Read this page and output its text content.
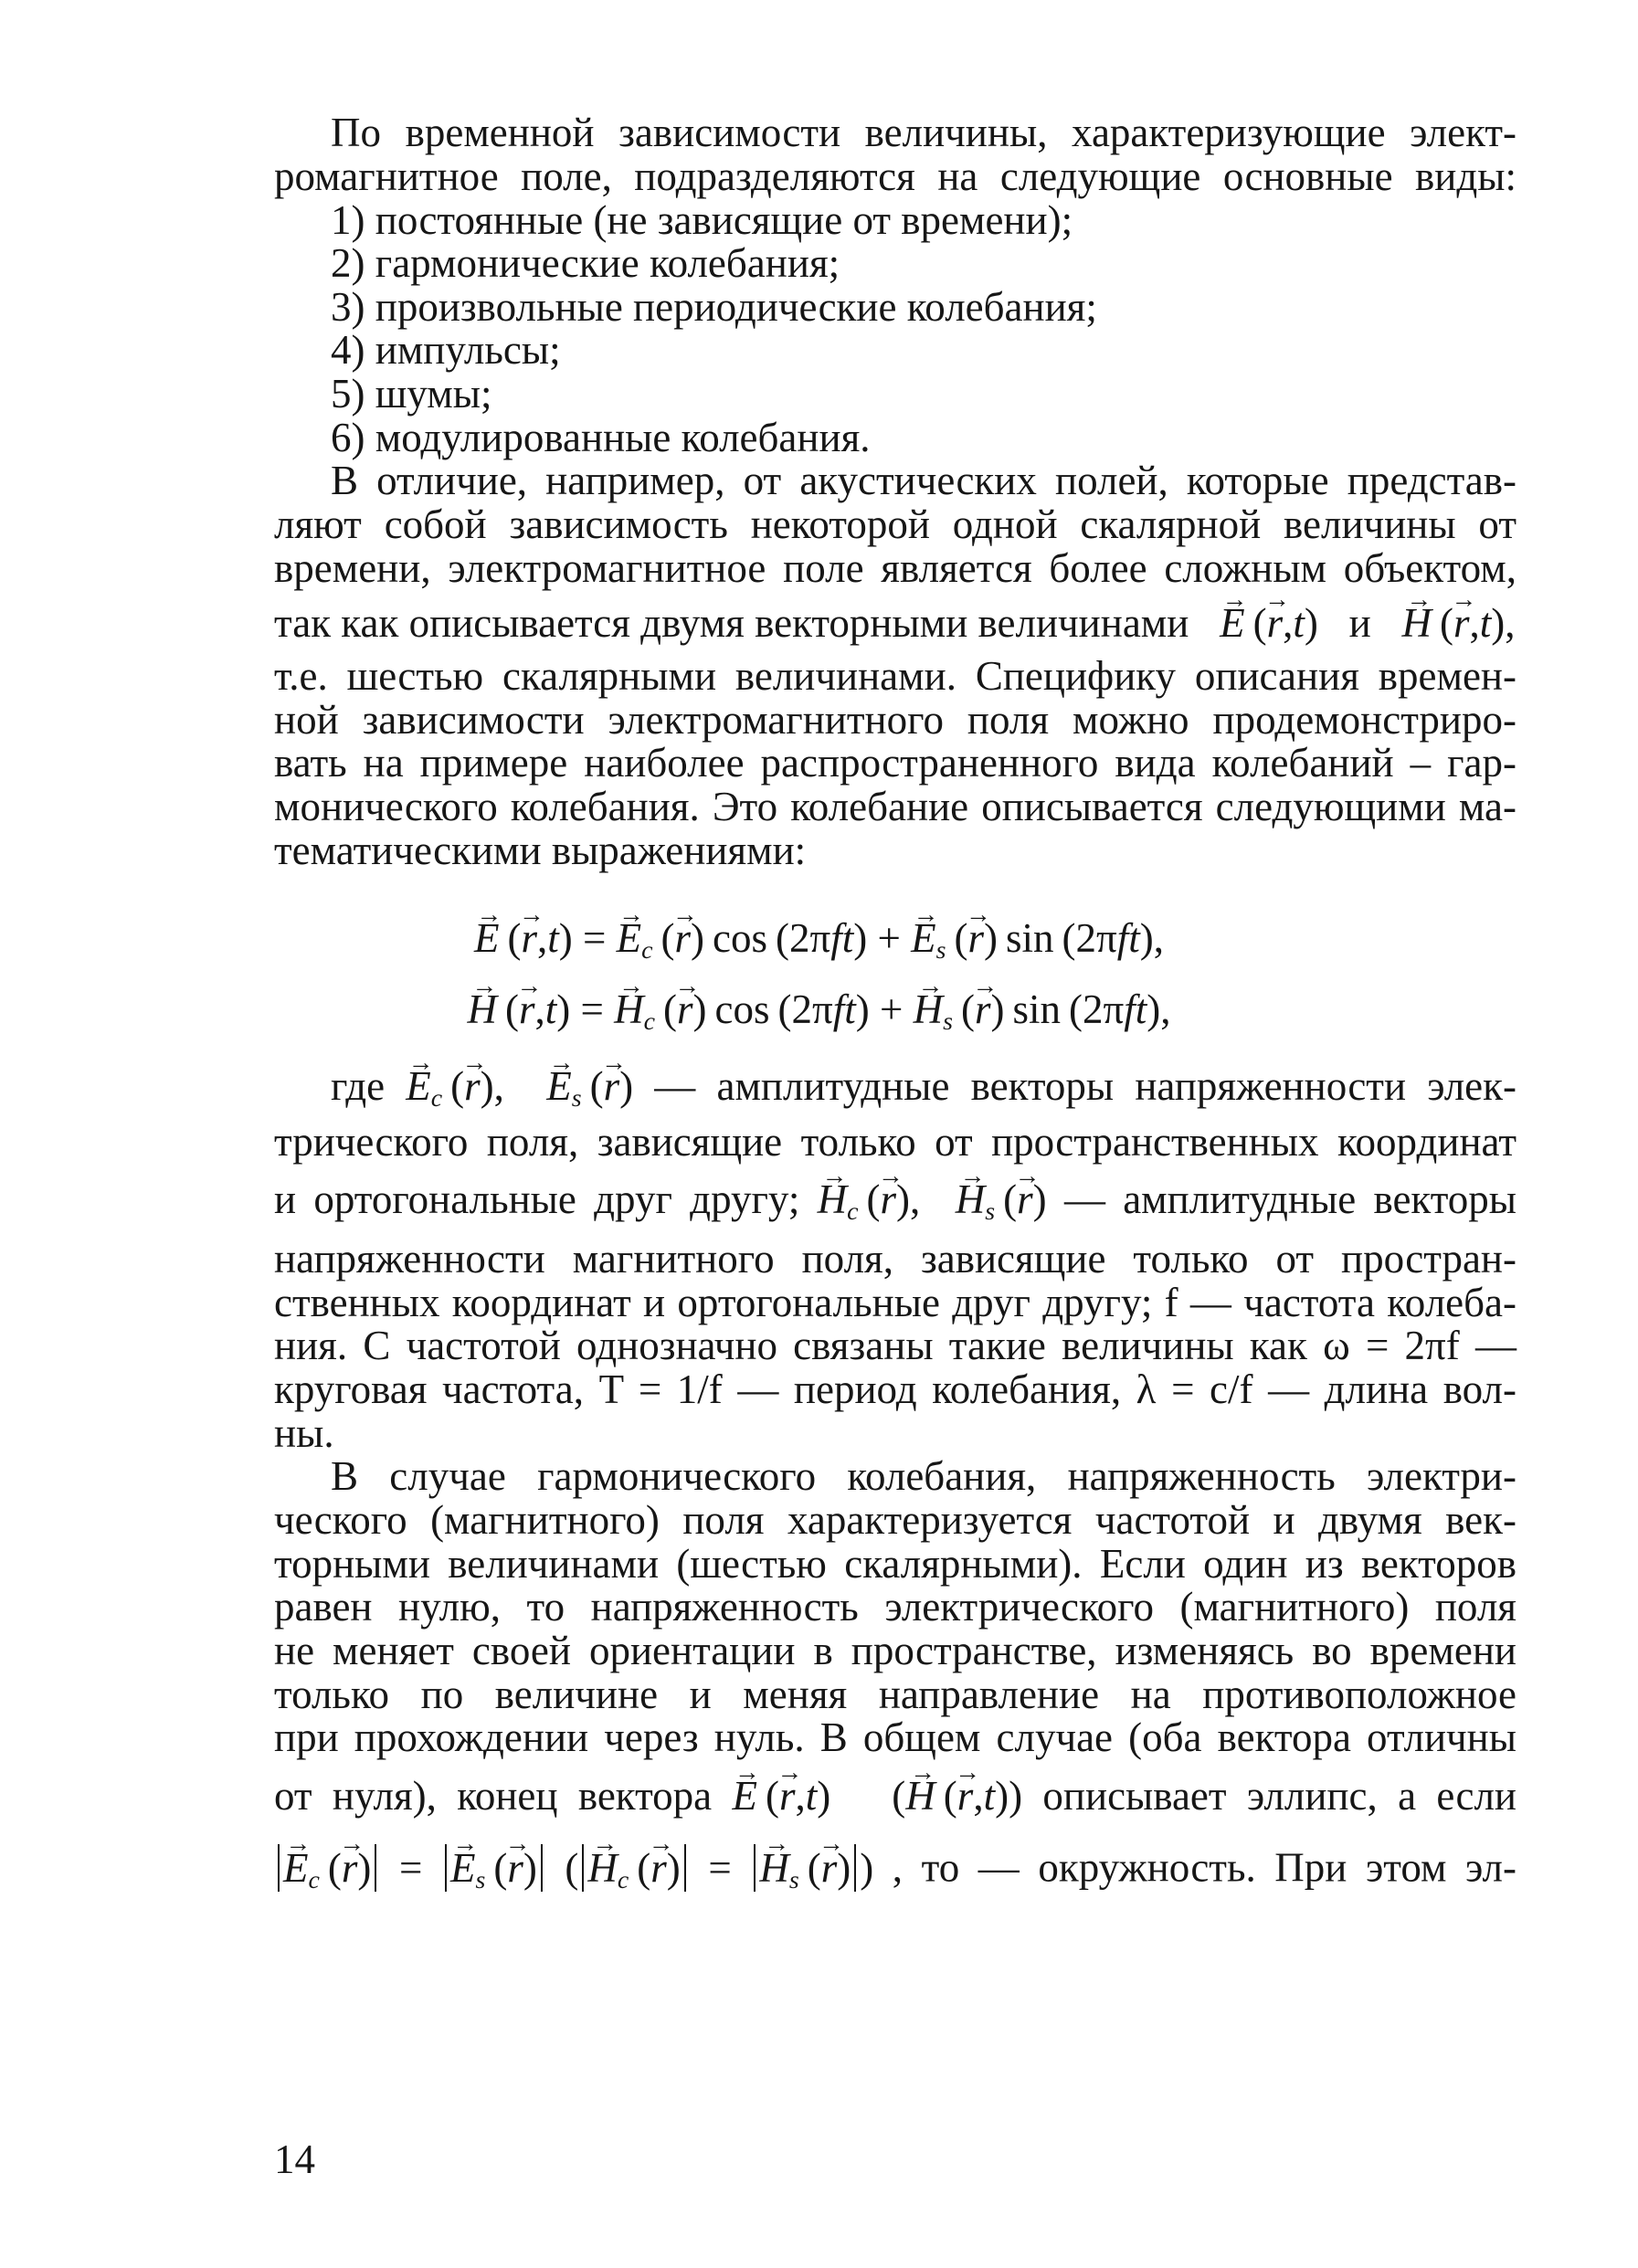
По временной зависимости величины, характеризующие элект-
ромагнитное поле, подразделяются на следующие основные виды:
1) постоянные (не зависящие от времени);
2) гармонические колебания;
3) произвольные периодические колебания;
4) импульсы;
5) шумы;
6) модулированные колебания.
В отличие, например, от акустических полей, которые представ-
ляют собой зависимость некоторой одной скалярной величины от
времени, электромагнитное поле является более сложным объектом,
так как описывается двумя векторными величинами → E (→ r,t)   и → H (→ r,t),
т.е. шестью скалярными величинами. Специфику описания времен-
ной зависимости электромагнитного поля можно продемонстриро-
вать на примере наиболее распространенного вида колебаний – гар-
монического колебания. Это колебание описывается следующими ма-
тематическими выражениями:
→ E (→ r,t) = → $E_c$ (→ r) cos (2πft) + → $E_s$ (→ r) sin (2πft),
→ H (→ r,t) = → $H_c$ (→ r) cos (2πft) + → $H_s$ (→ r) sin (2πft),
где → $E_c$ (→ r),  → $E_s$ (→ r) — амплитудные векторы напряженности элек-
трического поля, зависящие только от пространственных координат
и ортогональные друг другу; → $H_c$ (→ r),  → $H_s$ (→ r) — амплитудные векторы
напряженности магнитного поля, зависящие только от простран-
ственных координат и ортогональные друг другу; f — частота колеба-
ния. С частотой однозначно связаны такие величины как ω = 2πf —
круговая частота, T = 1/f — период колебания, λ = c/f — длина вол-
ны.
В случае гармонического колебания, напряженность электри-
ческого (магнитного) поля характеризуется частотой и двумя век-
торными величинами (шестью скалярными). Если один из векторов
равен нулю, то напряженность электрического (магнитного) поля
не меняет своей ориентации в пространстве, изменяясь во времени
только по величине и меняя направление на противоположное
при прохождении через нуль. В общем случае (оба вектора отличны
от нуля), конец вектора → E (→ r,t)   (→ H (→ r,t)) описывает эллипс, а если
→ $E_c$ (→ r) = → $E_s$ (→ r) ( → $H_c$ (→ r) = → $H_s$ (→ r) ) , то — окружность. При этом эл-
14
